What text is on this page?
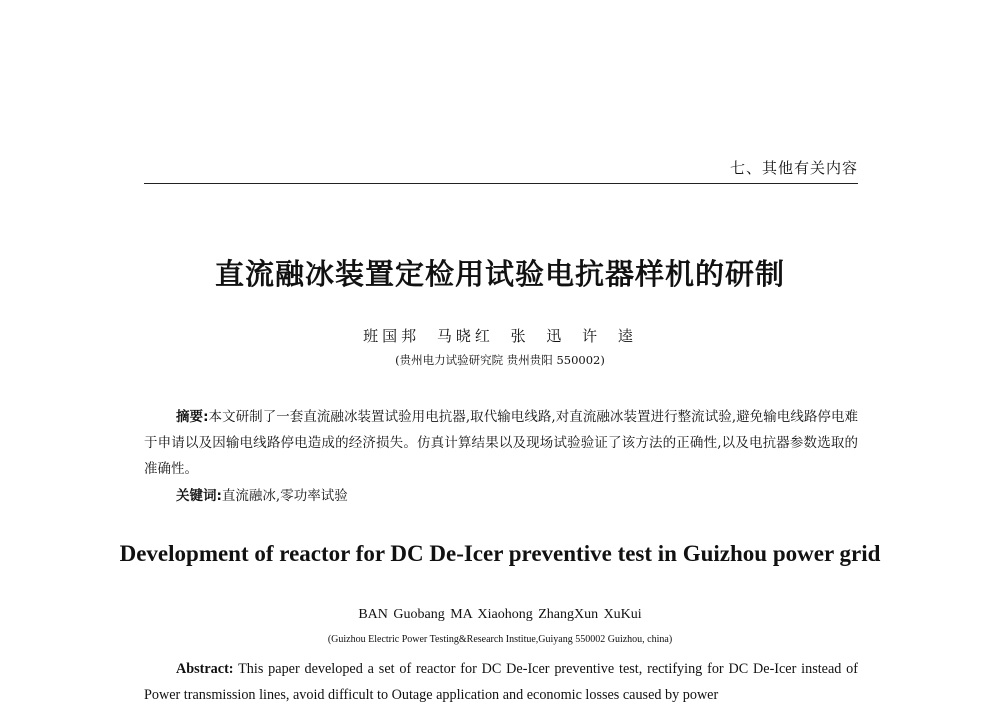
七、其他有关内容
直流融冰装置定检用试验电抗器样机的研制
班国邦 马晓红 张 迅 许 逵
(贵州电力试验研究院 贵州贵阳 550002)
摘要:本文研制了一套直流融冰装置试验用电抗器,取代输电线路,对直流融冰装置进行整流试验,避免输电线路停电难于申请以及因输电线路停电造成的经济损失。仿真计算结果以及现场试验验证了该方法的正确性,以及电抗器参数选取的准确性。
关键词:直流融冰,零功率试验
Development of reactor for DC De-Icer preventive test in Guizhou power grid
BAN Guobang MA Xiaohong ZhangXun XuKui
(Guizhou Electric Power Testing&Research Institue,Guiyang 550002 Guizhou, china)
Abstract: This paper developed a set of reactor for DC De-Icer preventive test, rectifying for DC De-Icer instead of Power transmission lines, avoid difficult to Outage application and economic losses caused by power
